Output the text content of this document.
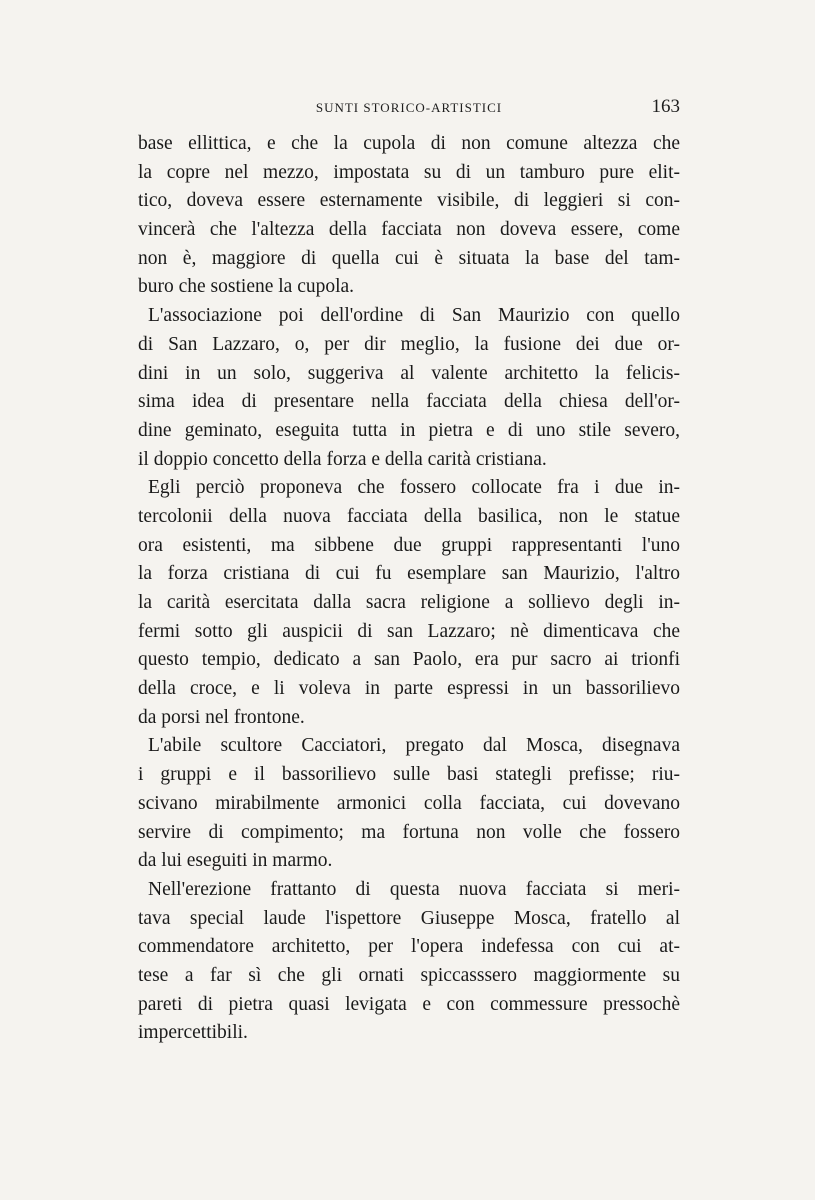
SUNTI STORICO-ARTISTICI	163
base ellittica, e che la cupola di non comune altezza che
la copre nel mezzo, impostata su di un tamburo pure elit-
tico, doveva essere esternamente visibile, di leggieri si con-
vincerà che l'altezza della facciata non doveva essere, come
non è, maggiore di quella cui è situata la base del tam-
buro che sostiene la cupola.
L'associazione poi dell'ordine di San Maurizio con quello
di San Lazzaro, o, per dir meglio, la fusione dei due or-
dini in un solo, suggeriva al valente architetto la felicis-
sima idea di presentare nella facciata della chiesa dell'or-
dine geminato, eseguita tutta in pietra e di uno stile severo,
il doppio concetto della forza e della carità cristiana.
Egli perciò proponeva che fossero collocate fra i due in-
tercolonii della nuova facciata della basilica, non le statue
ora esistenti, ma sibbene due gruppi rappresentanti l'uno
la forza cristiana di cui fu esemplare san Maurizio, l'altro
la carità esercitata dalla sacra religione a sollievo degli in-
fermi sotto gli auspicii di san Lazzaro; nè dimenticava che
questo tempio, dedicato a san Paolo, era pur sacro ai trionfi
della croce, e li voleva in parte espressi in un bassorilievo
da porsi nel frontone.
L'abile scultore Cacciatori, pregato dal Mosca, disegnava
i gruppi e il bassorilievo sulle basi stategli prefisse; riu-
scivano mirabilmente armonici colla facciata, cui dovevano
servire di compimento; ma fortuna non volle che fossero
da lui eseguiti in marmo.
Nell'erezione frattanto di questa nuova facciata si meri-
tava special laude l'ispettore Giuseppe Mosca, fratello al
commendatore architetto, per l'opera indefessa con cui at-
tese a far sì che gli ornati spiccasssero maggiormente su
pareti di pietra quasi levigata e con commessure pressochè
impercettibili.
